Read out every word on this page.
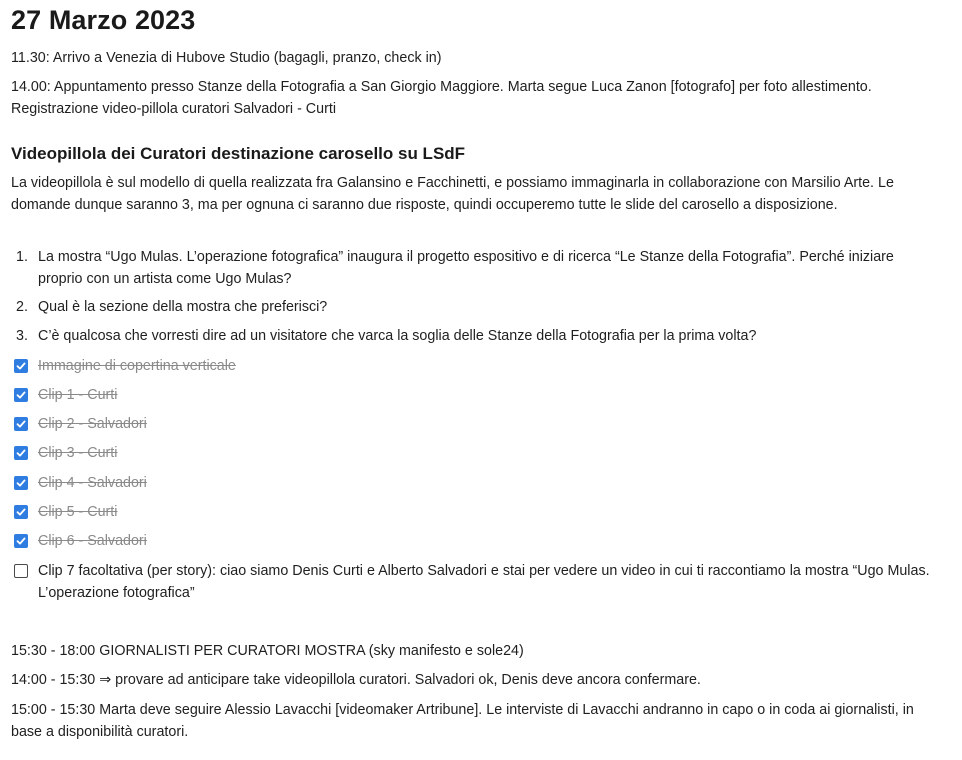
27 Marzo 2023

11.30: Arrivo a Venezia di Hubove Studio (bagagli, pranzo, check in)

14.00: Appuntamento presso Stanze della Fotografia a San Giorgio Maggiore. Marta segue Luca Zanon [fotografo] per foto allestimento. Registrazione video-pillola curatori Salvadori - Curti

Videopillola dei Curatori destinazione carosello su LSdF

La videopillola è sul modello di quella realizzata fra Galansino e Facchinetti, e possiamo immaginarla in collaborazione con Marsilio Arte. Le domande dunque saranno 3, ma per ognuna ci saranno due risposte, quindi occuperemo tutte le slide del carosello a disposizione.

1. La mostra “Ugo Mulas. L’operazione fotografica” inaugura il progetto espositivo e di ricerca “Le Stanze della Fotografia”. Perché iniziare proprio con un artista come Ugo Mulas?
2. Qual è la sezione della mostra che preferisci?
3. C’è qualcosa che vorresti dire ad un visitatore che varca la soglia delle Stanze della Fotografia per la prima volta?
Immagine di copertina verticale
Clip 1 - Curti
Clip 2 - Salvadori
Clip 3 - Curti
Clip 4 - Salvadori
Clip 5 - Curti
Clip 6 - Salvadori
Clip 7 facoltativa (per story): ciao siamo Denis Curti e Alberto Salvadori e stai per vedere un video in cui ti raccontiamo la mostra “Ugo Mulas. L’operazione fotografica”

15:30 - 18:00 GIORNALISTI PER CURATORI MOSTRA (sky manifesto e sole24)

14:00 - 15:30 ⇒ provare ad anticipare take videopillola curatori. Salvadori ok, Denis deve ancora confermare.

15:00 - 15:30 Marta deve seguire Alessio Lavacchi [videomaker Artribune]. Le interviste di Lavacchi andranno in capo o in coda ai giornalisti, in base a disponibilità curatori.
